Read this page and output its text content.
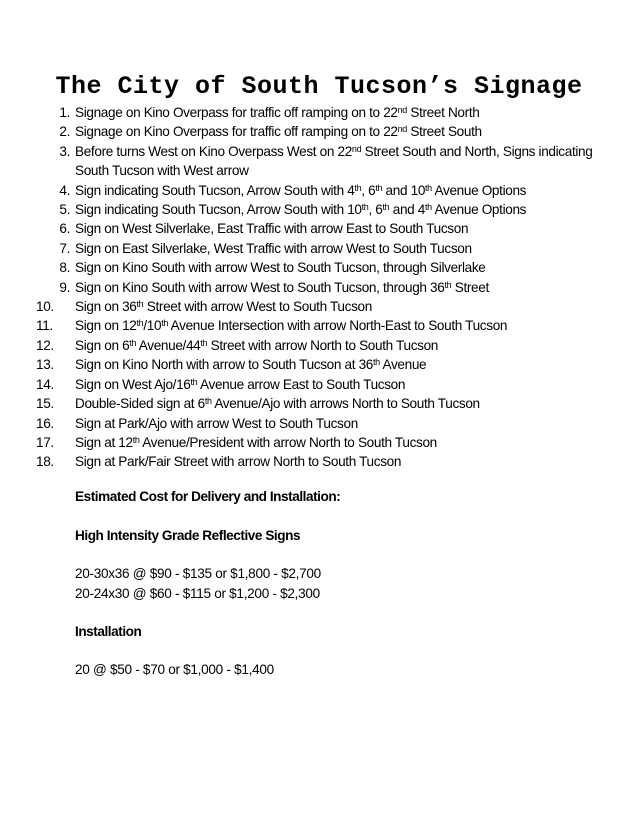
The City of South Tucson’s Signage
1. Signage on Kino Overpass for traffic off ramping on to 22nd Street North
2. Signage on Kino Overpass for traffic off ramping on to 22nd Street South
3. Before turns West on Kino Overpass West on 22nd Street South and North, Signs indicating South Tucson with West arrow
4. Sign indicating South Tucson, Arrow South with 4th, 6th and 10th Avenue Options
5. Sign indicating South Tucson, Arrow South with 10th, 6th and 4th Avenue Options
6. Sign on West Silverlake, East Traffic with arrow East to South Tucson
7. Sign on East Silverlake, West Traffic with arrow West to South Tucson
8. Sign on Kino South with arrow West to South Tucson, through Silverlake
9. Sign on Kino South with arrow West to South Tucson, through 36th Street
10.	Sign on 36th Street with arrow West to South Tucson
11.	Sign on 12th/10th Avenue Intersection with arrow North-East to South Tucson
12.	Sign on 6th Avenue/44th Street with arrow North to South Tucson
13.	Sign on Kino North with arrow to South Tucson at 36th Avenue
14.	Sign on West Ajo/16th Avenue arrow East to South Tucson
15.	Double-Sided sign at 6th Avenue/Ajo with arrows North to South Tucson
16.	Sign at Park/Ajo with arrow West to South Tucson
17.	Sign at 12th Avenue/President with arrow North to South Tucson
18.	Sign at Park/Fair Street with arrow North to South Tucson
Estimated Cost for Delivery and Installation:
High Intensity Grade Reflective Signs
20-30x36 @ $90 - $135 or $1,800 - $2,700
20-24x30 @ $60 - $115 or $1,200 - $2,300
Installation
20 @ $50 - $70 or $1,000 - $1,400
